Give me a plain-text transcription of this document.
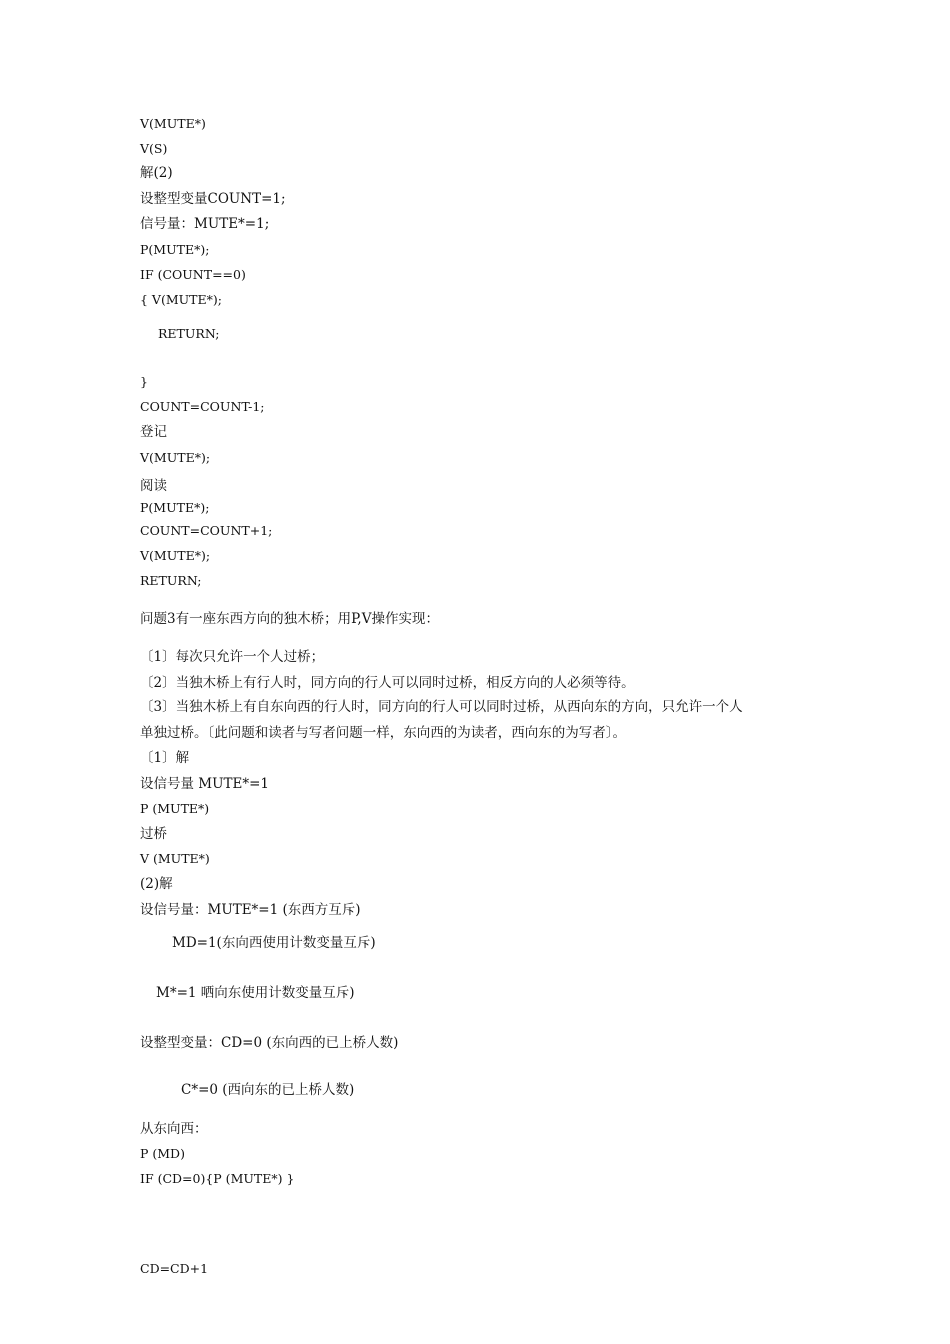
V(MUTE*)
V(S)
解(2)
设整型变量COUNT=1;
信号量：MUTE*=1;
P(MUTE*);
IF (COUNT==0)
{ V(MUTE*);
RETURN;
}
COUNT=COUNT-1;
登记
V(MUTE*);
阅读
P(MUTE*);
COUNT=COUNT+1;
V(MUTE*);
RETURN;
问题3有一座东西方向的独木桥；用P,V操作实现：
〔1〕每次只允许一个人过桥；
〔2〕当独木桥上有行人时，同方向的行人可以同时过桥，相反方向的人必须等待。
〔3〕当独木桥上有自东向西的行人时，同方向的行人可以同时过桥，从西向东的方向，只允许一个人
单独过桥。〔此问题和读者与写者问题一样，东向西的为读者，西向东的为写者〕。
〔1〕解
设信号量 MUTE*=1
P (MUTE*)
过桥
V (MUTE*)
(2)解
设信号量：MUTE*=1 (东西方互斥)
MD=1(东向西使用计数变量互斥)
M*=1 哂向东使用计数变量互斥)
设整型变量：CD=0 (东向西的已上桥人数)
C*=0 (西向东的已上桥人数)
从东向西：
P (MD)
IF (CD=0){P (MUTE*) }
CD=CD+1
